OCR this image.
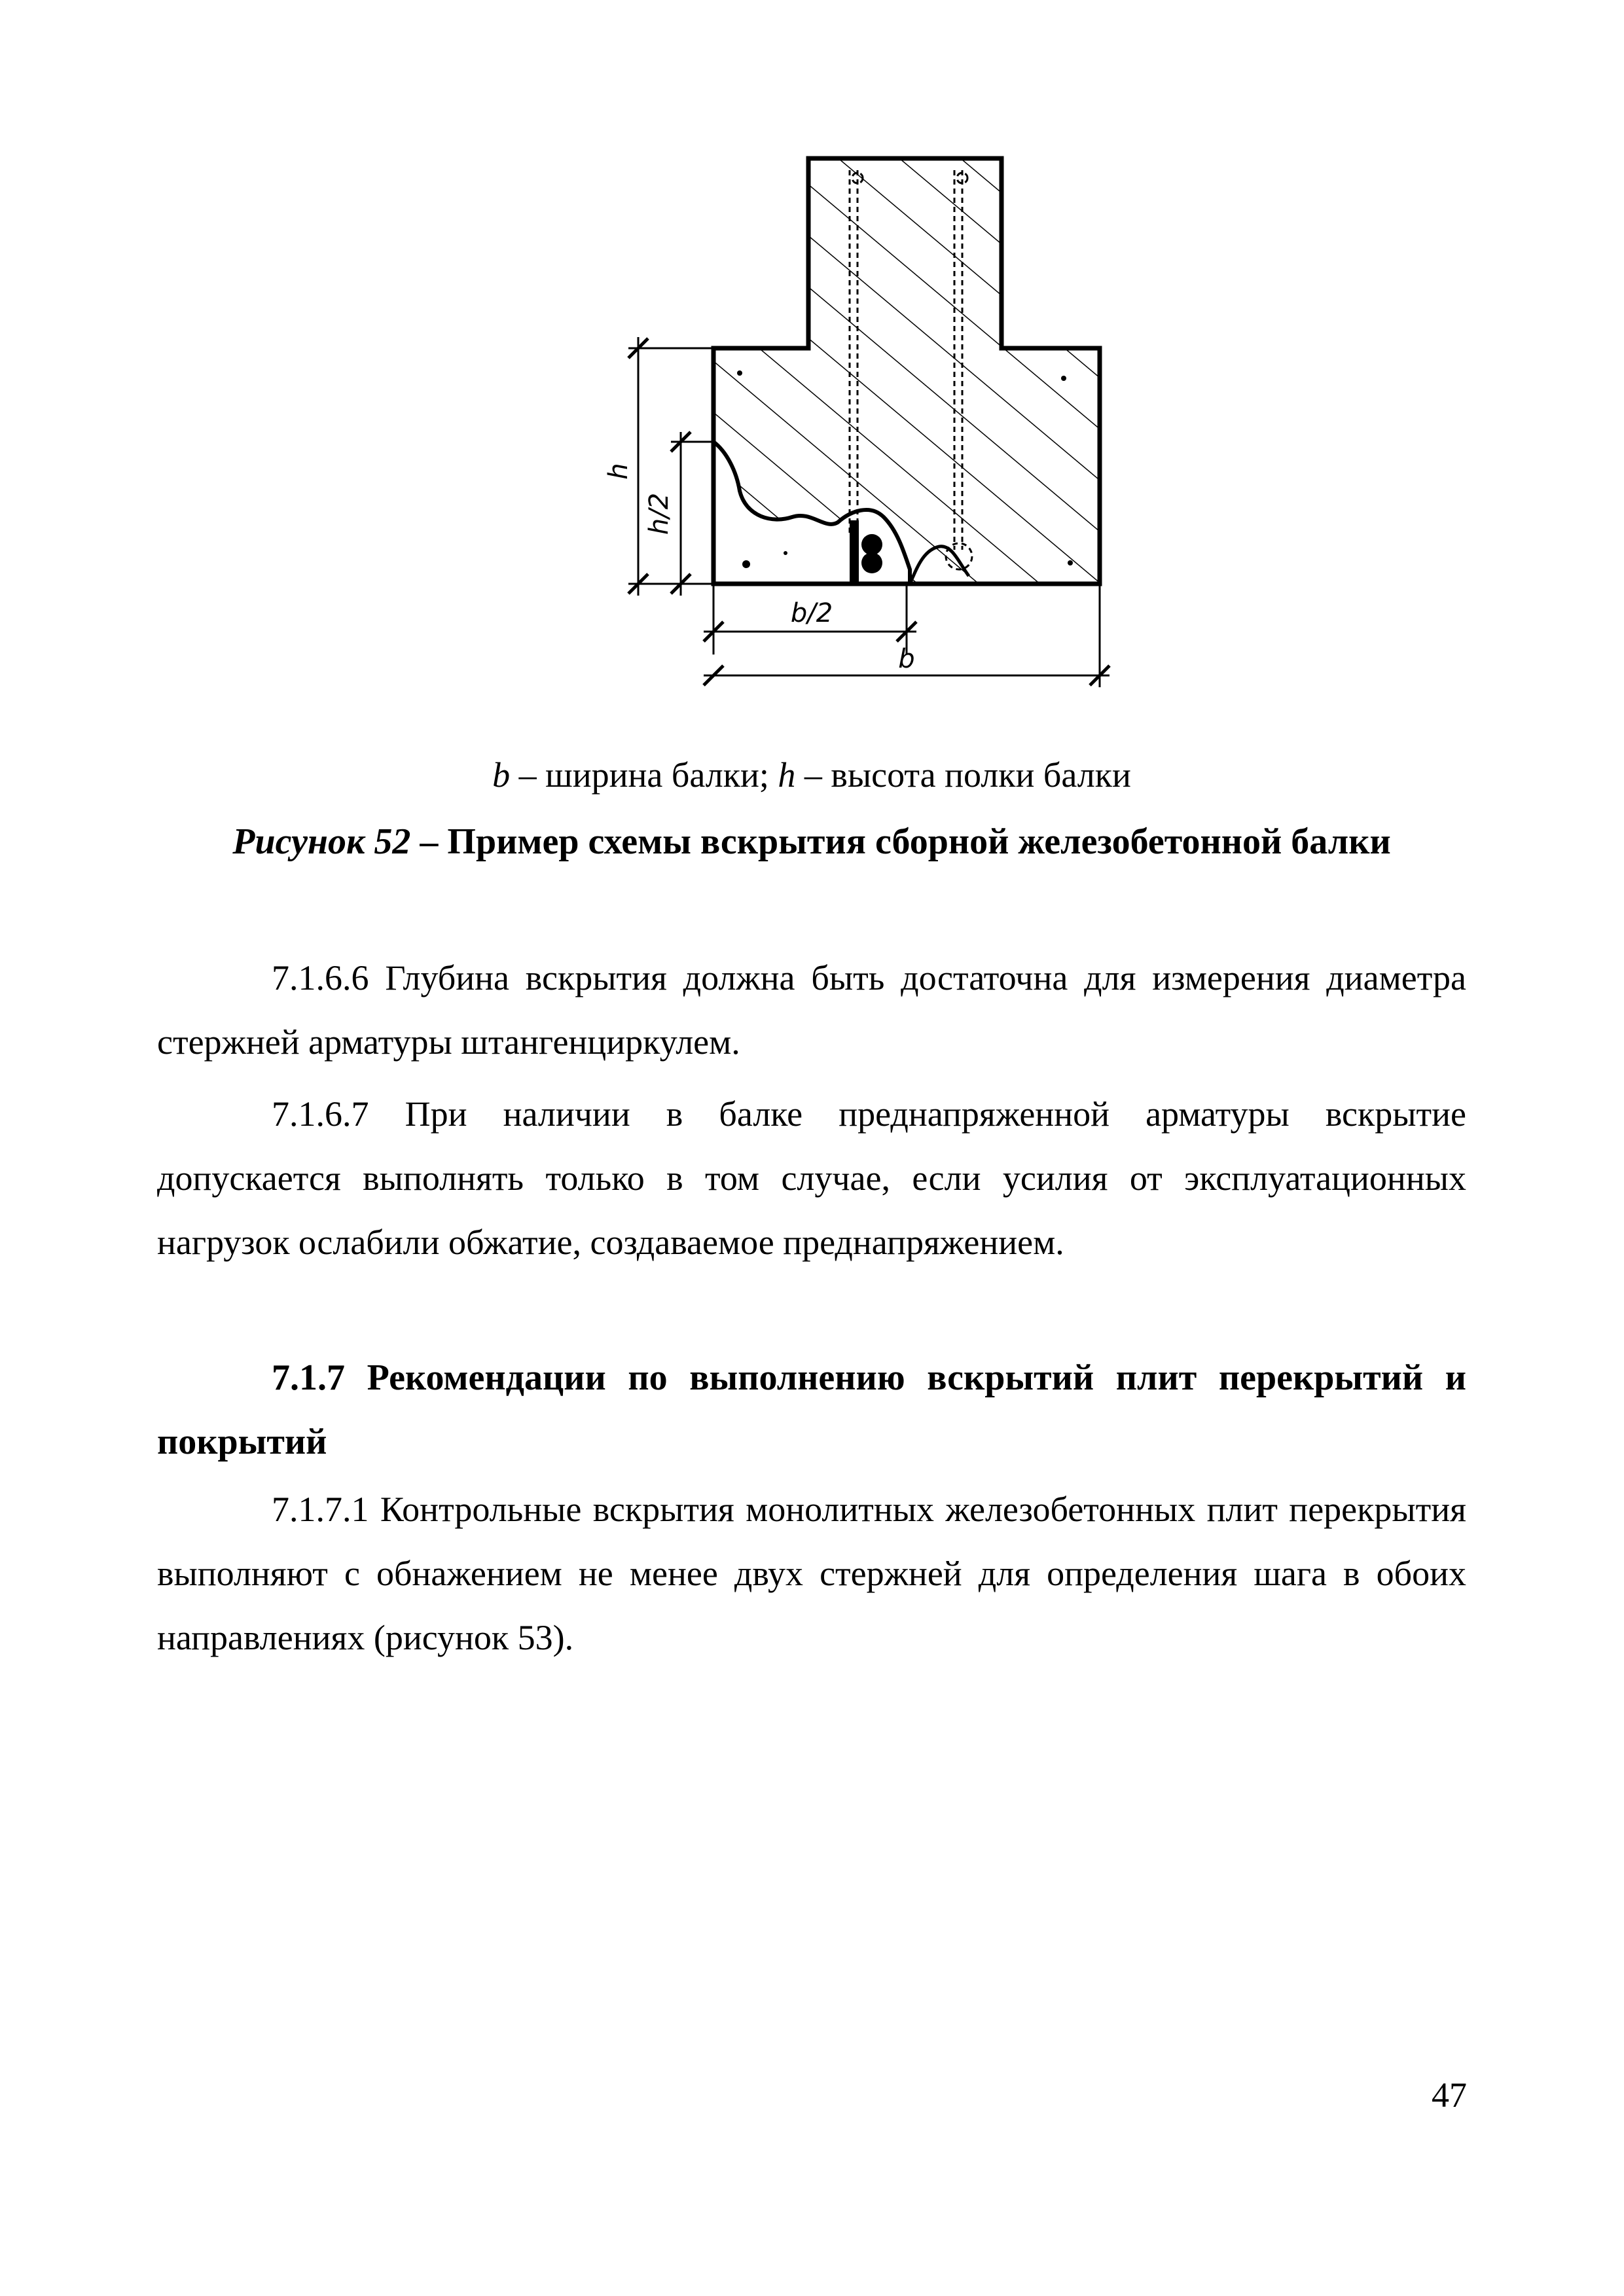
h
h/2
b/2
b
b – ширина балки; h – высота полки балки
Рисунок 52 – Пример схемы вскрытия сборной железобетонной балки
7.1.6.6 Глубина вскрытия должна быть достаточна для измерения диаметра стержней арматуры штангенциркулем.
7.1.6.7 При наличии в балке преднапряженной арматуры вскрытие допускается выполнять только в том случае, если усилия от эксплуатационных нагрузок ослабили обжатие, создаваемое преднапряжением.
7.1.7 Рекомендации по выполнению вскрытий плит перекрытий и покрытий
7.1.7.1 Контрольные вскрытия монолитных железобетонных плит перекрытия выполняют с обнажением не менее двух стержней для определения шага в обоих направлениях (рисунок 53).
47
